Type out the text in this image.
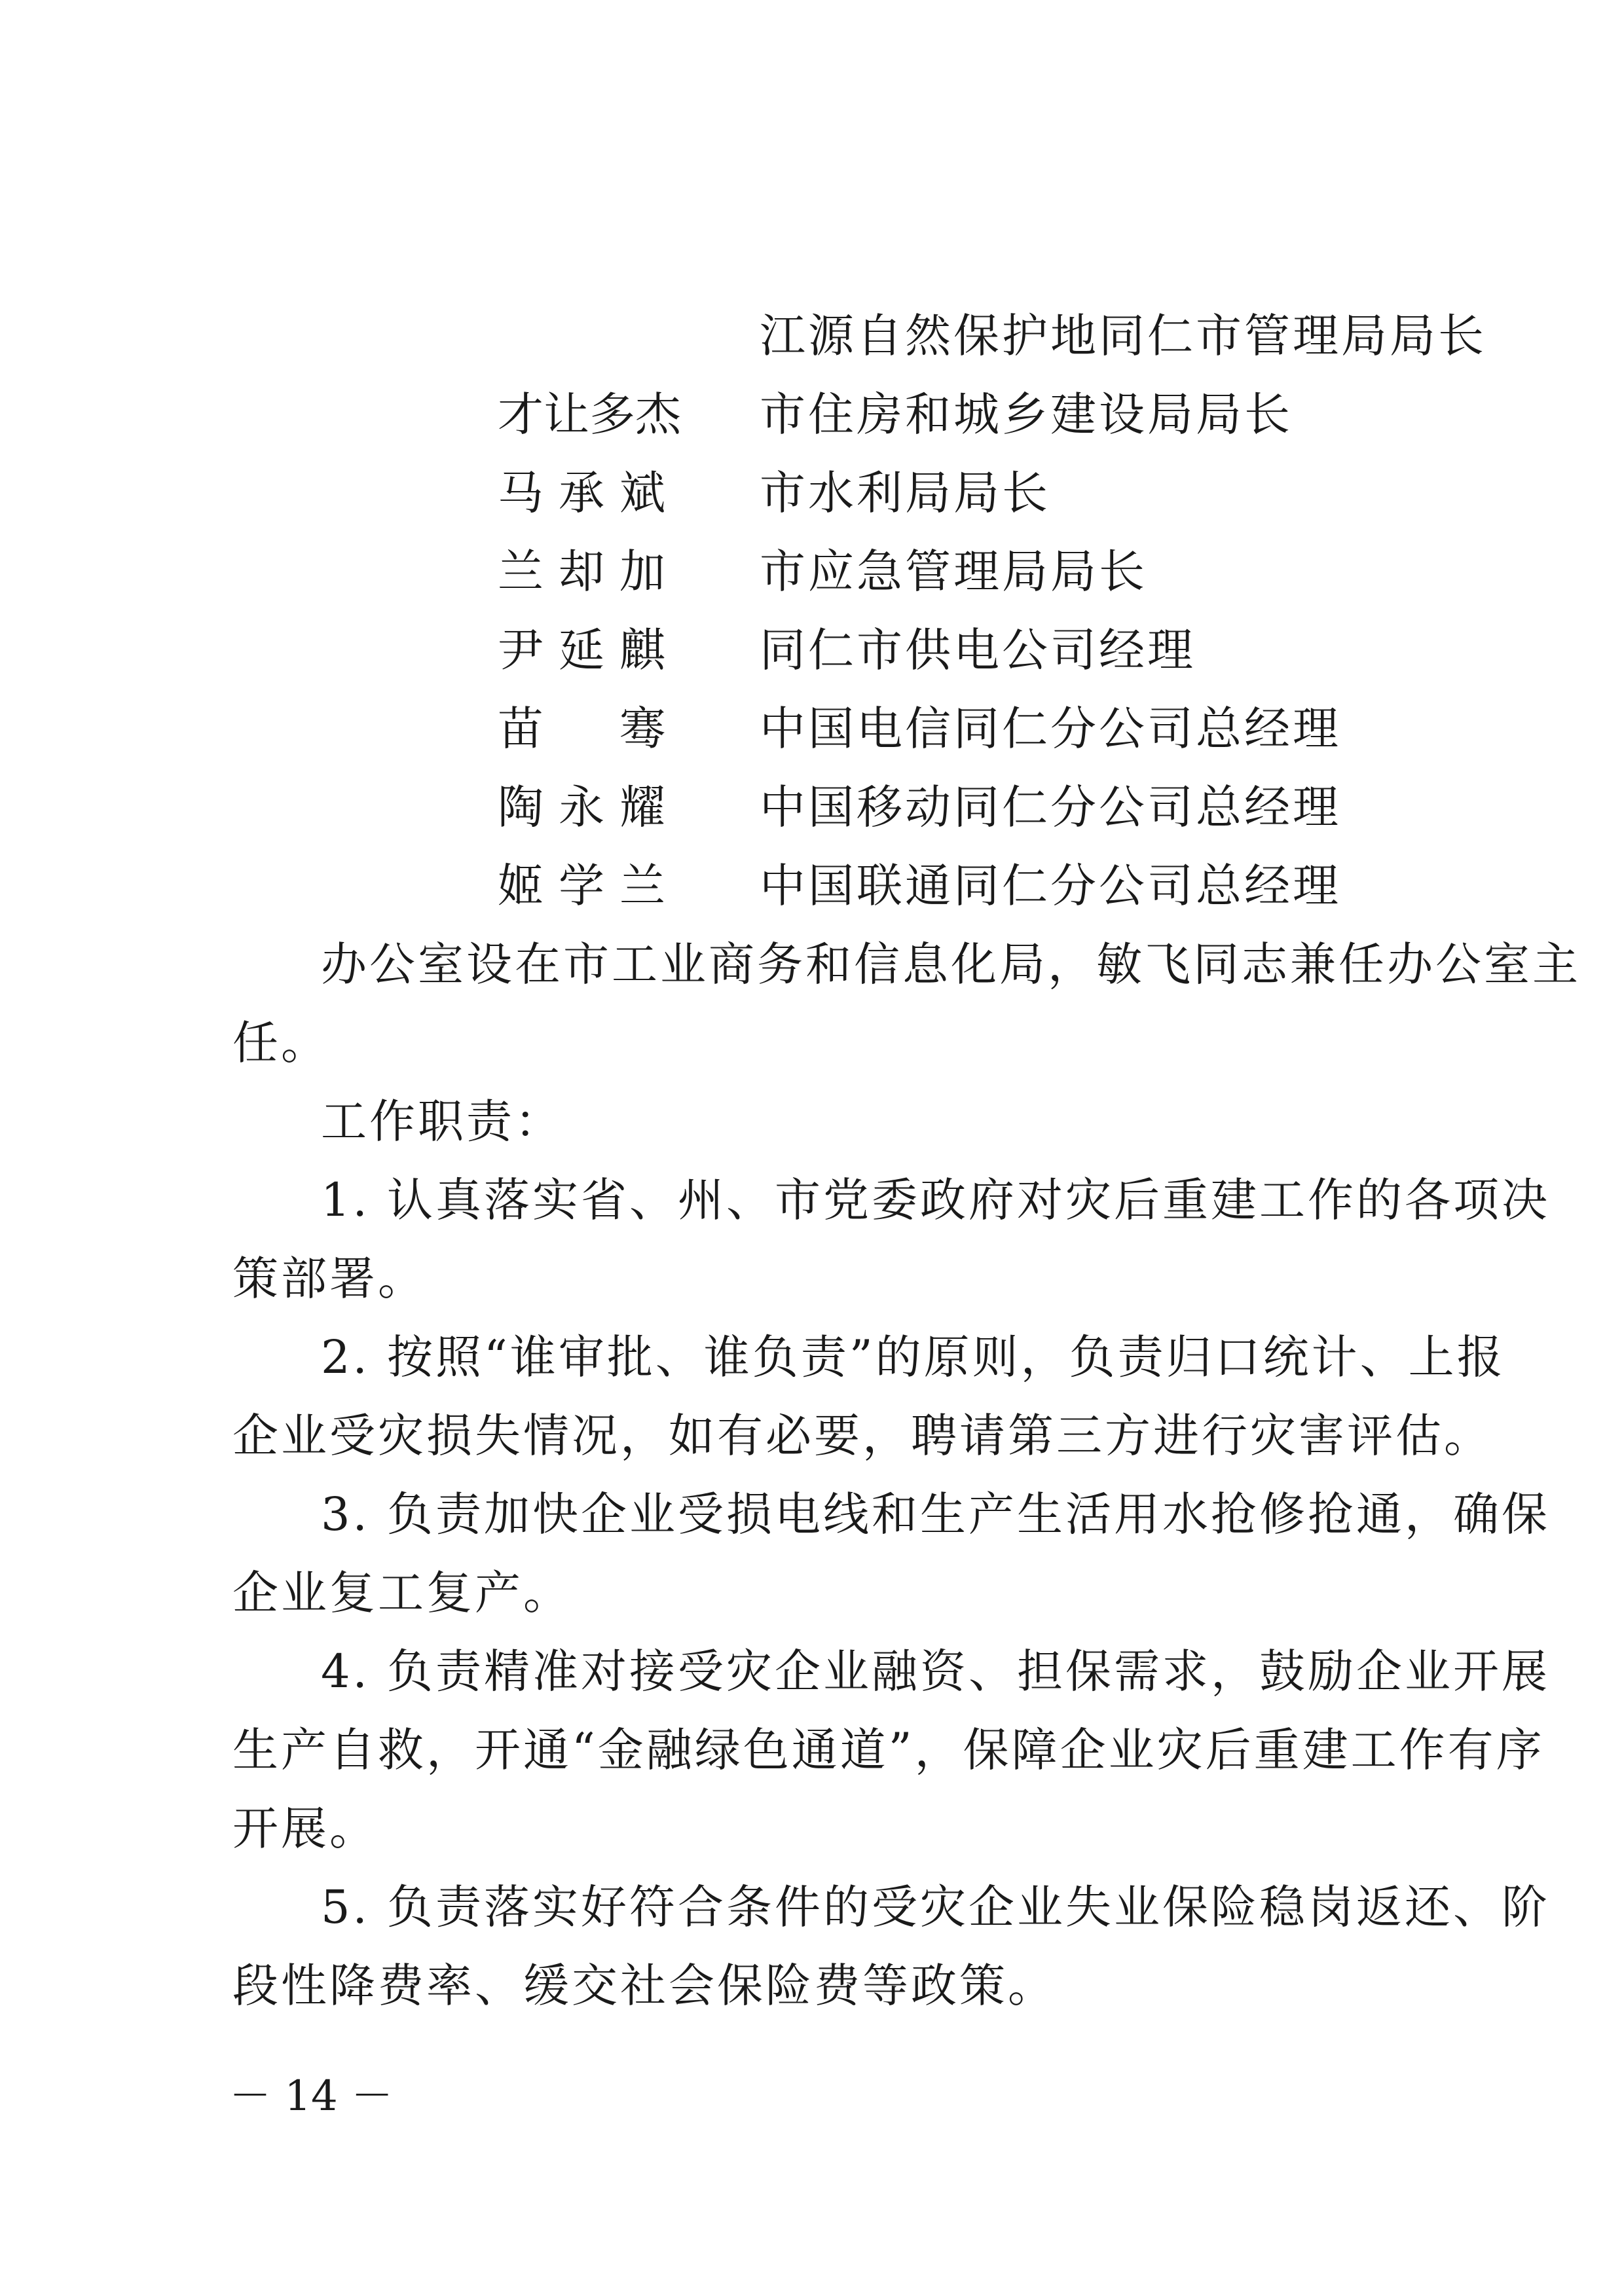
江源自然保护地同仁市管理局局长
才让多杰 市住房和城乡建设局局长
马承斌 市水利局局长
兰却加 市应急管理局局长
尹延麒 同仁市供电公司经理
苗骞 中国电信同仁分公司总经理
陶永耀 中国移动同仁分公司总经理
姬学兰 中国联通同仁分公司总经理
办公室设在市工业商务和信息化局，敏飞同志兼任办公室主
任。
工作职责：
1. 认真落实省、州、市党委政府对灾后重建工作的各项决
策部署。
2. 按照“谁审批、谁负责”的原则，负责归口统计、上报
企业受灾损失情况，如有必要，聘请第三方进行灾害评估。
3. 负责加快企业受损电线和生产生活用水抢修抢通，确保
企业复工复产。
4. 负责精准对接受灾企业融资、担保需求，鼓励企业开展
生产自救，开通“金融绿色通道”，保障企业灾后重建工作有序
开展。
5. 负责落实好符合条件的受灾企业失业保险稳岗返还、阶
段性降费率、缓交社会保险费等政策。
－ 14 －
